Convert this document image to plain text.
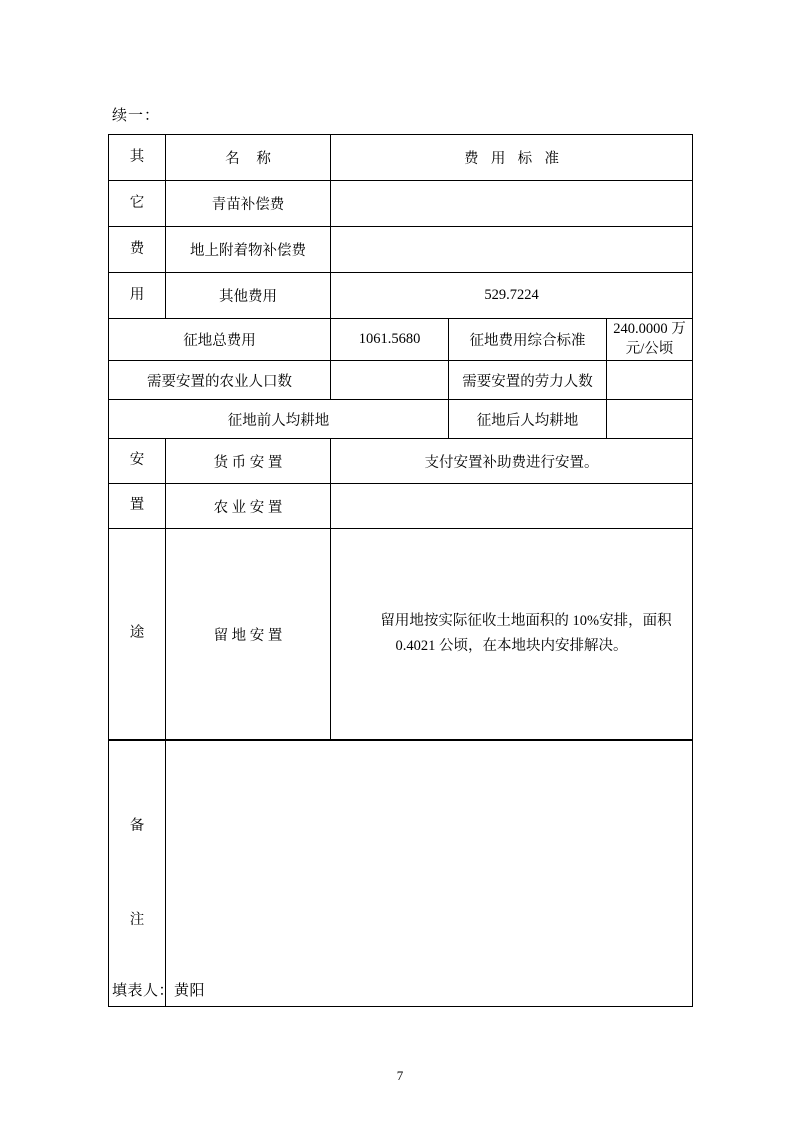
续一：
其	名 称	费 用 标 准		

它	青苗补偿费			

费	地上附着物补偿费			

用	其他费用	529.7224		
征地总费用		1061.5680	征地费用综合标准	240.0000 万元/公顷
需要安置的农业人口数			需要安置的劳力人数	
征地前人均耕地			征地后人均耕地	

安	货 币 安 置	支付安置补助费进行安置。		

置	农 业 安 置			

途	留 地 安 置	留用地按实际征收土地面积的 10%安排，面积 0.4021 公顷，在本地块内安排解决。		

备
注				

填表人：黄阳
7
